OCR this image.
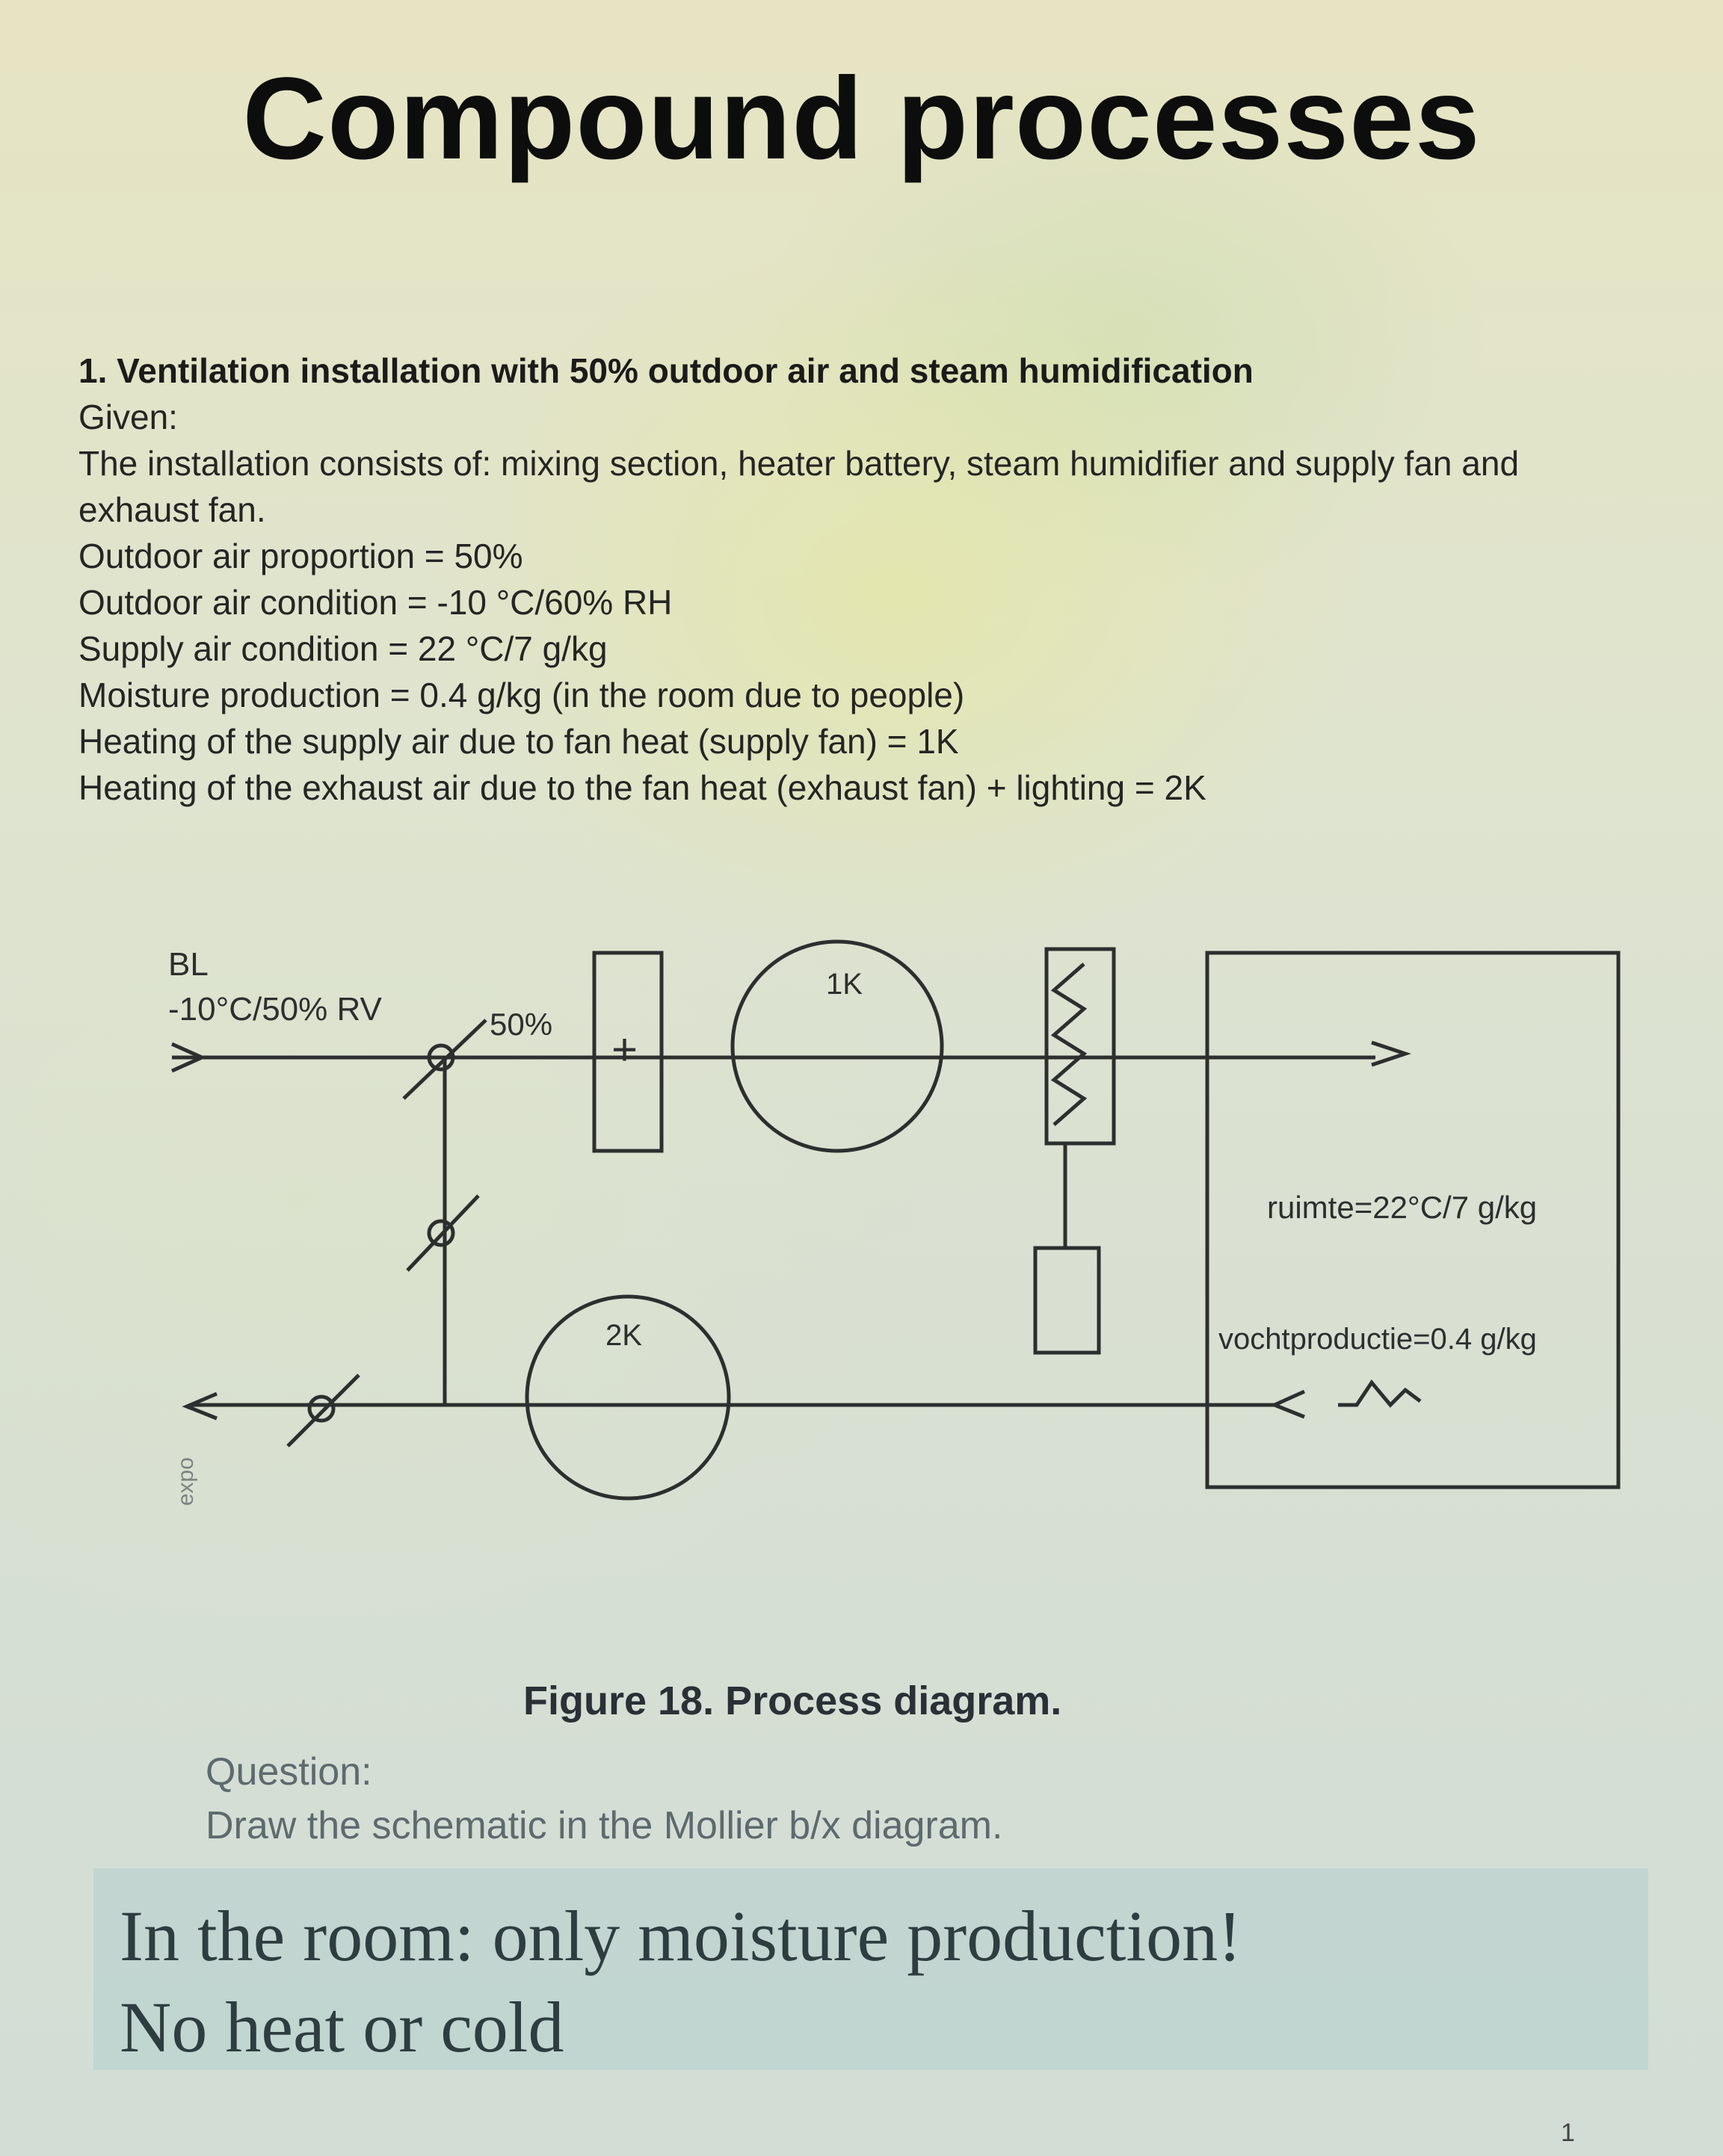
Compound processes
1. Ventilation installation with 50% outdoor air and steam humidification
Given:
The installation consists of: mixing section, heater battery, steam humidifier and supply fan and
exhaust fan.
Outdoor air proportion = 50%
Outdoor air condition = -10 °C/60% RH
Supply air condition = 22 °C/7 g/kg
Moisture production = 0.4 g/kg (in the room due to people)
Heating of the supply air due to fan heat (supply fan) = 1K
Heating of the exhaust air due to the fan heat (exhaust fan) + lighting = 2K
BL
-10°C/50% RV	50%
+
1K
2K
ruimte=22°C/7 g/kg
vochtproductie=0.4 g/kg
expo
Figure 18. Process diagram.
Question:
Draw the schematic in the Mollier b/x diagram.
In the room: only moisture production!
No heat or cold
1
